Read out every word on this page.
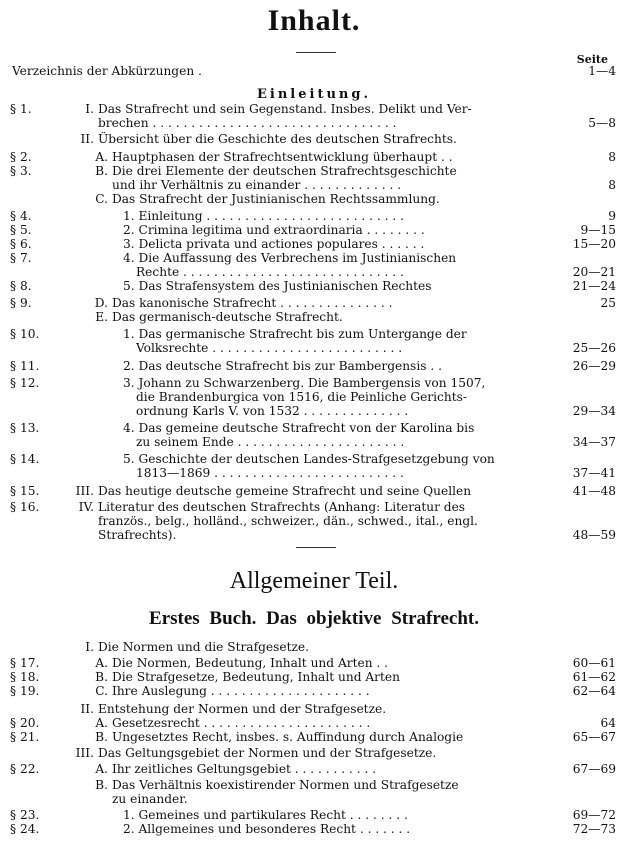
Inhalt.
Seite
Einleitung.
Allgemeiner Teil.
Erstes Buch. Das objektive Strafrecht.
Verzeichnis der Abkürzungen .	1—4
§ 1.	I. Das Strafrecht und sein Gegenstand. Insbes. Delikt und Ver-
brechen . . . . . . . . . . . . . . . . . . . . . . . . . . . . . . . .	5—8
II. Übersicht über die Geschichte des deutschen Strafrechts.
§ 2.	A. Hauptphasen der Strafrechtsentwicklung überhaupt . .	8
§ 3.	B. Die drei Elemente der deutschen Strafrechtsgeschichte
und ihr Verhältnis zu einander . . . . . . . . . . . . .	8
C. Das Strafrecht der Justinianischen Rechtssammlung.
§ 4.	1. Einleitung . . . . . . . . . . . . . . . . . . . . . . . . . .	9
§ 5.	2. Crimina legitima und extraordinaria . . . . . . . .	9—15
§ 6.	3. Delicta privata und actiones populares . . . . . .	15—20
§ 7.	4. Die Auffassung des Verbrechens im Justinianischen
Rechte . . . . . . . . . . . . . . . . . . . . . . . . . . . . .	20—21
§ 8.	5. Das Strafensystem des Justinianischen Rechtes	21—24
§ 9.	D. Das kanonische Strafrecht . . . . . . . . . . . . . . .	25
E. Das germanisch-deutsche Strafrecht.
§ 10.	1. Das germanische Strafrecht bis zum Untergange der
Volksrechte . . . . . . . . . . . . . . . . . . . . . . . . .	25—26
§ 11.	2. Das deutsche Strafrecht bis zur Bambergensis . .	26—29
§ 12.	3. Johann zu Schwarzenberg. Die Bambergensis von 1507,
die Brandenburgica von 1516, die Peinliche Gerichts-
ordnung Karls V. von 1532 . . . . . . . . . . . . . .	29—34
§ 13.	4. Das gemeine deutsche Strafrecht von der Karolina bis
zu seinem Ende . . . . . . . . . . . . . . . . . . . . . .	34—37
§ 14.	5. Geschichte der deutschen Landes-Strafgesetzgebung von
1813—1869 . . . . . . . . . . . . . . . . . . . . . . . . .	37—41
§ 15.	III. Das heutige deutsche gemeine Strafrecht und seine Quellen	41—48
§ 16.	IV. Literatur des deutschen Strafrechts (Anhang: Literatur des
französ., belg., holländ., schweizer., dän., schwed., ital., engl.
Strafrechts).	48—59
I. Die Normen und die Strafgesetze.
§ 17.	A. Die Normen, Bedeutung, Inhalt und Arten . .	60—61
§ 18.	B. Die Strafgesetze, Bedeutung, Inhalt und Arten	61—62
§ 19.	C. Ihre Auslegung . . . . . . . . . . . . . . . . . . . . .	62—64
II. Entstehung der Normen und der Strafgesetze.
§ 20.	A. Gesetzesrecht . . . . . . . . . . . . . . . . . . . . . .	64
§ 21.	B. Ungesetztes Recht, insbes. s. Auffindung durch Analogie	65—67
III. Das Geltungsgebiet der Normen und der Strafgesetze.
§ 22.	A. Ihr zeitliches Geltungsgebiet . . . . . . . . . . .	67—69
B. Das Verhältnis koexistirender Normen und Strafgesetze
zu einander.
§ 23.	1. Gemeines und partikulares Recht . . . . . . . .	69—72
§ 24.	2. Allgemeines und besonderes Recht . . . . . . .	72—73
